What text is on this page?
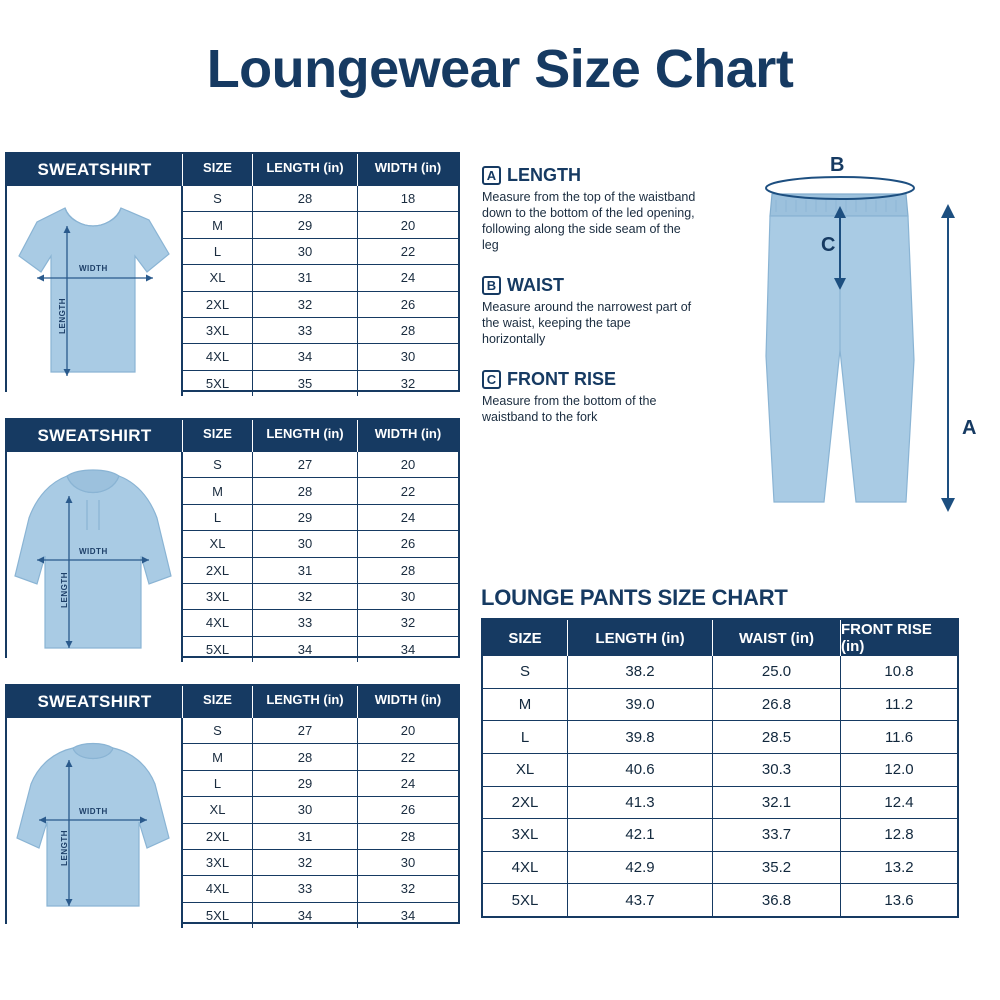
Loungewear Size Chart
SWEATSHIRT	SIZE	LENGTH (in)	WIDTH (in)
WIDTH
LENGTH
S	28	18
M	29	20
L	30	22
XL	31	24
2XL	32	26
3XL	33	28
4XL	34	30
5XL	35	32
SWEATSHIRT	SIZE	LENGTH (in)	WIDTH (in)
WIDTH
LENGTH
S	27	20
M	28	22
L	29	24
XL	30	26
2XL	31	28
3XL	32	30
4XL	33	32
5XL	34	34
SWEATSHIRT	SIZE	LENGTH (in)	WIDTH (in)
WIDTH
LENGTH
S	27	20
M	28	22
L	29	24
XL	30	26
2XL	31	28
3XL	32	30
4XL	33	32
5XL	34	34
A LENGTH
Measure from the top of the waistband down to the bottom of the led opening, following along the side seam of the leg
B WAIST
Measure around the narrowest part of the waist, keeping the tape horizontally
C FRONT RISE
Measure from the bottom of the waistband to the fork
B
C
A
LOUNGE PANTS SIZE CHART
SIZE	LENGTH (in)	WAIST (in)	FRONT RISE (in)
S	38.2	25.0	10.8
M	39.0	26.8	11.2
L	39.8	28.5	11.6
XL	40.6	30.3	12.0
2XL	41.3	32.1	12.4
3XL	42.1	33.7	12.8
4XL	42.9	35.2	13.2
5XL	43.7	36.8	13.6
